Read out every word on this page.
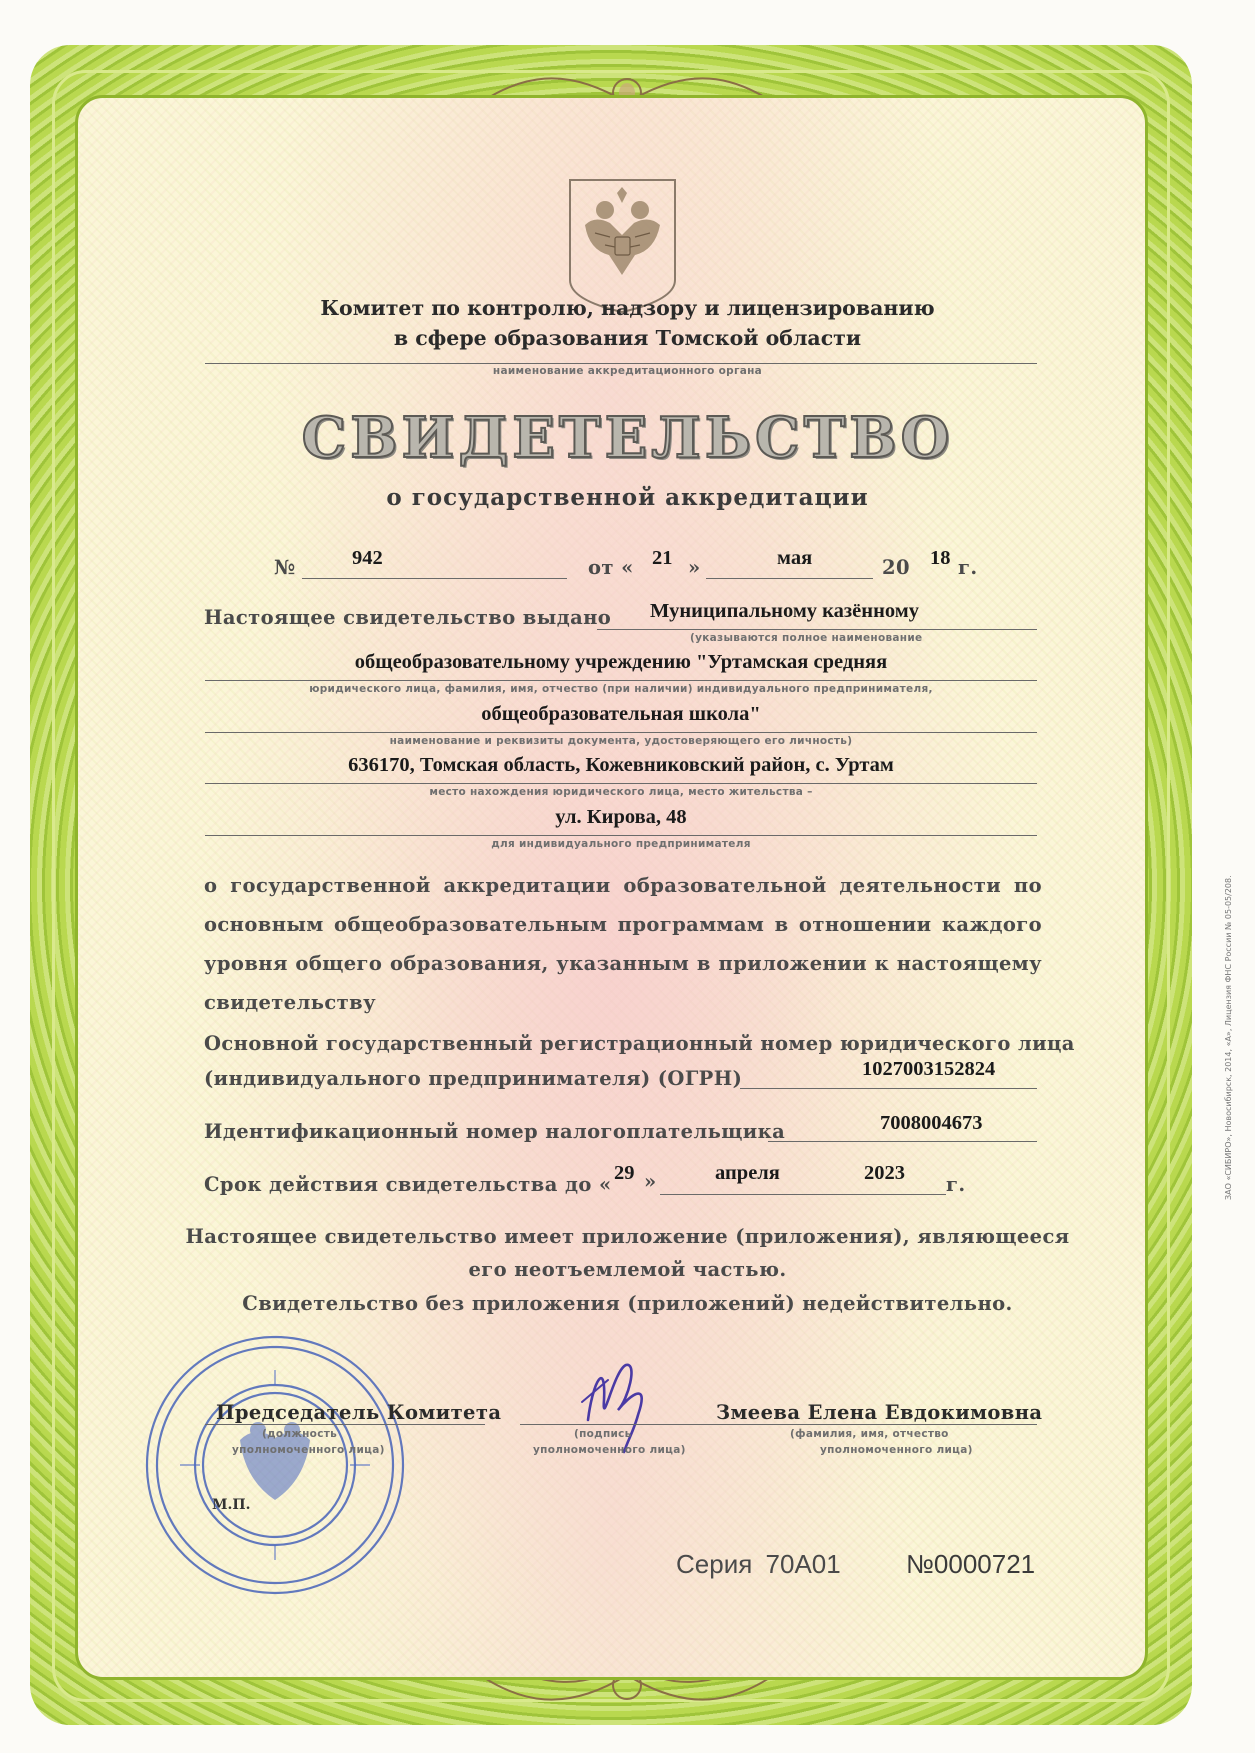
Комитет по контролю, надзору и лицензированию
в сфере образования Томской области
наименование аккредитационного органа
СВИДЕТЕЛЬСТВО
о государственной аккредитации
№	942	от « 21 »	мая	20 18 г.
Настоящее свидетельство выдано Муниципальному казённому
(указываются полное наименование
общеобразовательному учреждению "Уртамская средняя
юридического лица, фамилия, имя, отчество (при наличии) индивидуального предпринимателя,
общеобразовательная школа"
наименование и реквизиты документа, удостоверяющего его личность)
636170, Томская область, Кожевниковский район, с. Уртам
место нахождения юридического лица, место жительства –
ул. Кирова, 48
для индивидуального предпринимателя
о государственной аккредитации образовательной деятельности по основным общеобразовательным программам в отношении каждого уровня общего образования, указанным в приложении к настоящему свидетельству
Основной государственный регистрационный номер юридического лица
(индивидуального предпринимателя) (ОГРН)	1027003152824
Идентификационный номер налогоплательщика	7008004673
Срок действия свидетельства до « 29 »	апреля	2023 г.
Настоящее свидетельство имеет приложение (приложения), являющееся
его неотъемлемой частью.
Свидетельство без приложения (приложений) недействительно.
Председатель Комитета
(должность
уполномоченного лица)
(подпись
уполномоченного лица)
Змеева Елена Евдокимовна
(фамилия, имя, отчество
уполномоченного лица)
М.П.
Серия 70А01	№0000721
ЗАО «СИБИРО», Новосибирск, 2014, «А», Лицензия ФНС России № 05-05/208.
